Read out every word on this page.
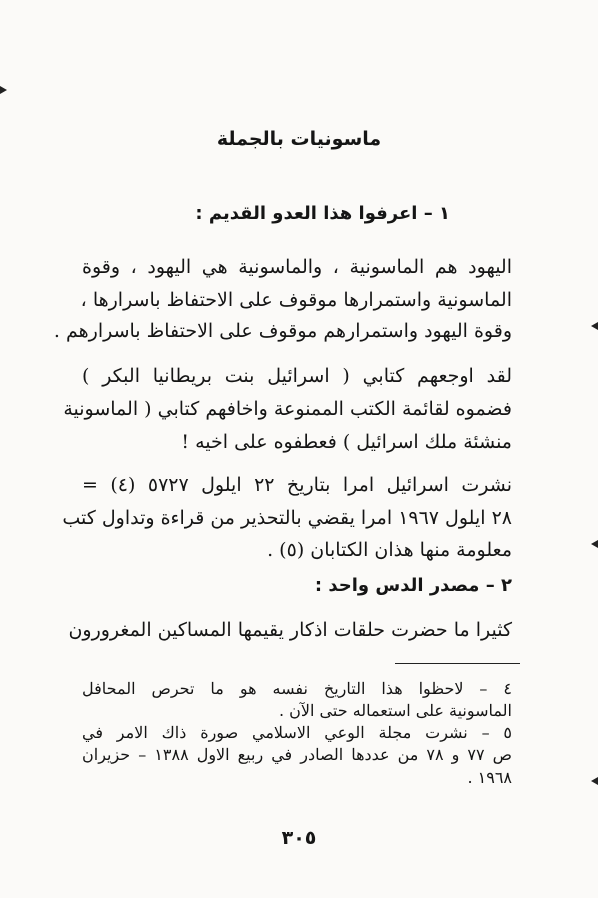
ماسونيات بالجملة
١ – اعرفوا هذا العدو القديم :
اليهود هم الماسونية ، والماسونية هي اليهود ، وقوة
الماسونية واستمرارها موقوف على الاحتفاظ باسرارها ،
وقوة اليهود واستمرارهم موقوف على الاحتفاظ باسرارهم .
لقد اوجعهم كتابي ( اسرائيل بنت بريطانيا البكر )
فضموه لقائمة الكتب الممنوعة واخافهم كتابي ( الماسونية
منشئة ملك اسرائيل ) فعطفوه على اخيه !
نشرت اسرائيل امرا بتاريخ ٢٢ ايلول ٥٧٢٧ (٤) =
٢٨ ايلول ١٩٦٧ امرا يقضي بالتحذير من قراءة وتداول كتب
معلومة منها هذان الكتابان (٥) .
٢ – مصدر الدس واحد :
كثيرا ما حضرت حلقات اذكار يقيمها المساكين المغرورون
٤ – لاحظوا هذا التاريخ نفسه هو ما تحرص المحافل
الماسونية على استعماله حتى الآن .
٥ – نشرت مجلة الوعي الاسلامي صورة ذاك الامر في
ص ٧٧ و ٧٨ من عددها الصادر في ربيع الاول ١٣٨٨ – حزيران
١٩٦٨ .
٣٠٥
